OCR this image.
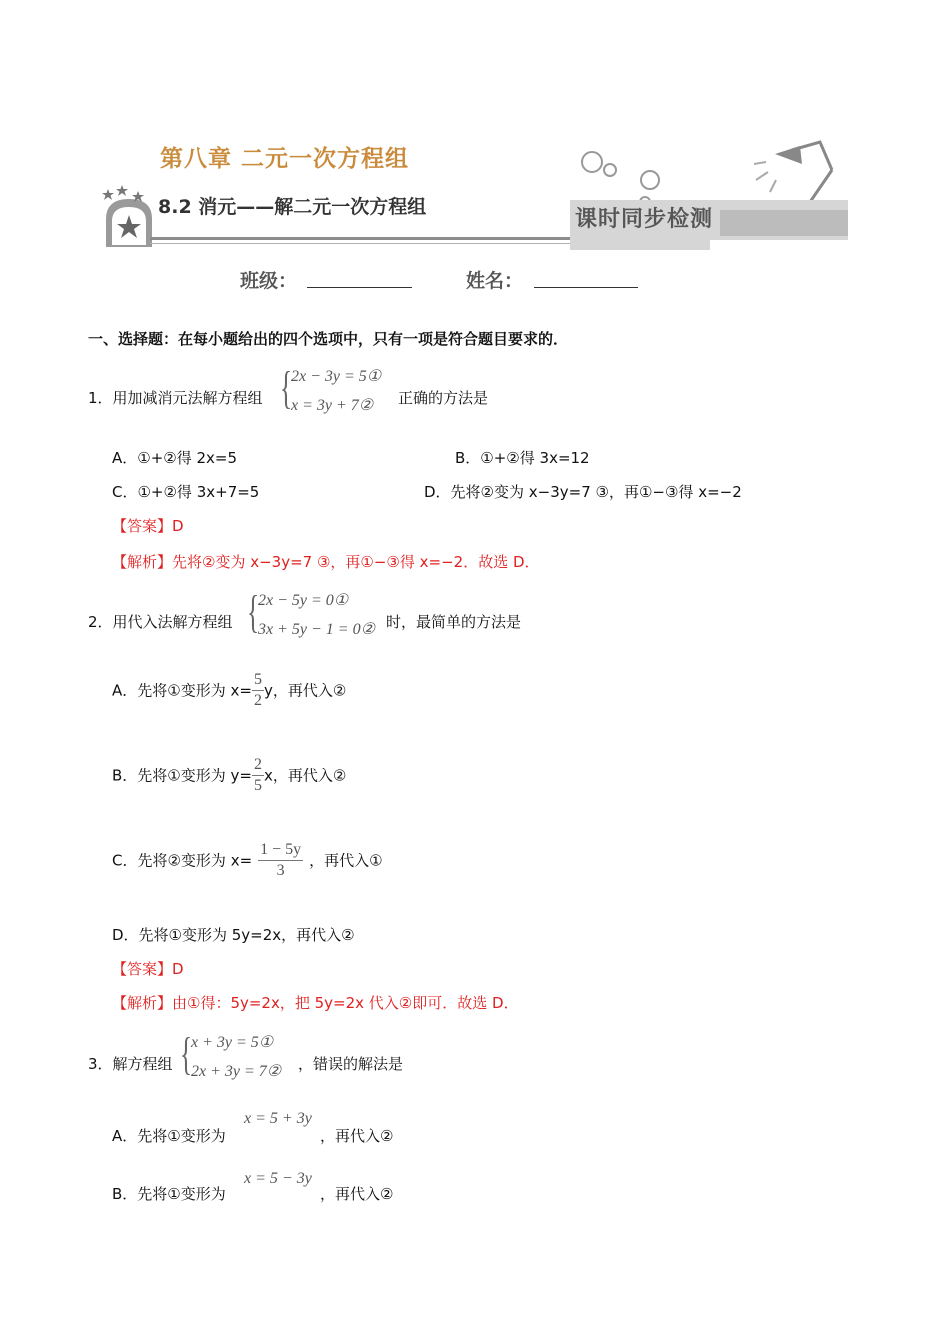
第八章 二元一次方程组
8.2 消元——解二元一次方程组	课时同步检测
班级：	姓名：
一、选择题：在每小题给出的四个选项中，只有一项是符合题目要求的．
1．用加减消元法解方程组 {
2x − 3y = 5①
x = 3y + 7② 正确的方法是
A．①+②得 2x=5	B．①+②得 3x=12
C．①+②得 3x+7=5	D．先将②变为 x−3y=7 ③，再①−③得 x=−2
【答案】D
【解析】先将②变为 x−3y=7 ③，再①−③得 x=−2．故选 D．
2．用代入法解方程组 {
2x − 5y = 0①
3x + 5y − 1 = 0② 时，最简单的方法是
A．先将①变形为 $x= \frac{5}{2}$ y，再代入②
B．先将①变形为 $y= \frac{2}{5}$ x，再代入②
C．先将②变形为 $x= \frac{1 - 5y}{3}$ ，再代入①
D．先将①变形为 5y=2x，再代入②
【答案】D
【解析】由①得：5y=2x，把 5y=2x 代入②即可．故选 D．
3．解方程组 {
x + 3y = 5①
2x + 3y = 7② ，错误的解法是
A．先将①变形为
x = 5 + 3y
，再代入②
B．先将①变形为
x = 5 − 3y
，再代入②
